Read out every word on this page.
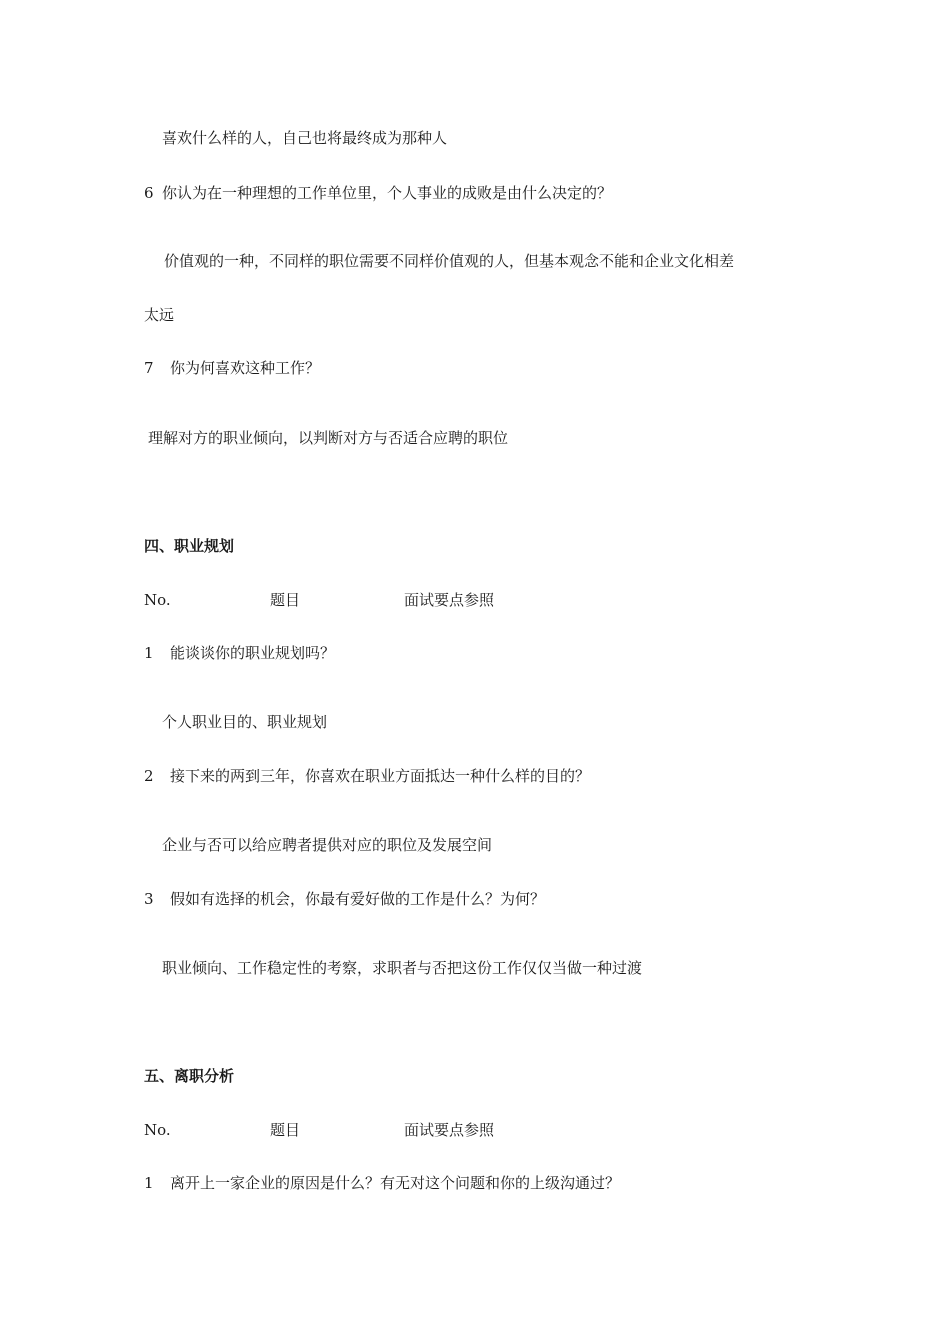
喜欢什么样的人，自己也将最终成为那种人
6 你认为在一种理想的工作单位里，个人事业的成败是由什么决定的？
价值观的一种，不同样的职位需要不同样价值观的人，但基本观念不能和企业文化相差
太远
7 你为何喜欢这种工作？
理解对方的职业倾向，以判断对方与否适合应聘的职位
四、职业规划
No.	题目	面试要点参照
1 能谈谈你的职业规划吗？
个人职业目的、职业规划
2 接下来的两到三年，你喜欢在职业方面抵达一种什么样的目的？
企业与否可以给应聘者提供对应的职位及发展空间
3 假如有选择的机会，你最有爱好做的工作是什么？为何？
职业倾向、工作稳定性的考察，求职者与否把这份工作仅仅当做一种过渡
五、离职分析
No.	题目	面试要点参照
1 离开上一家企业的原因是什么？有无对这个问题和你的上级沟通过？
